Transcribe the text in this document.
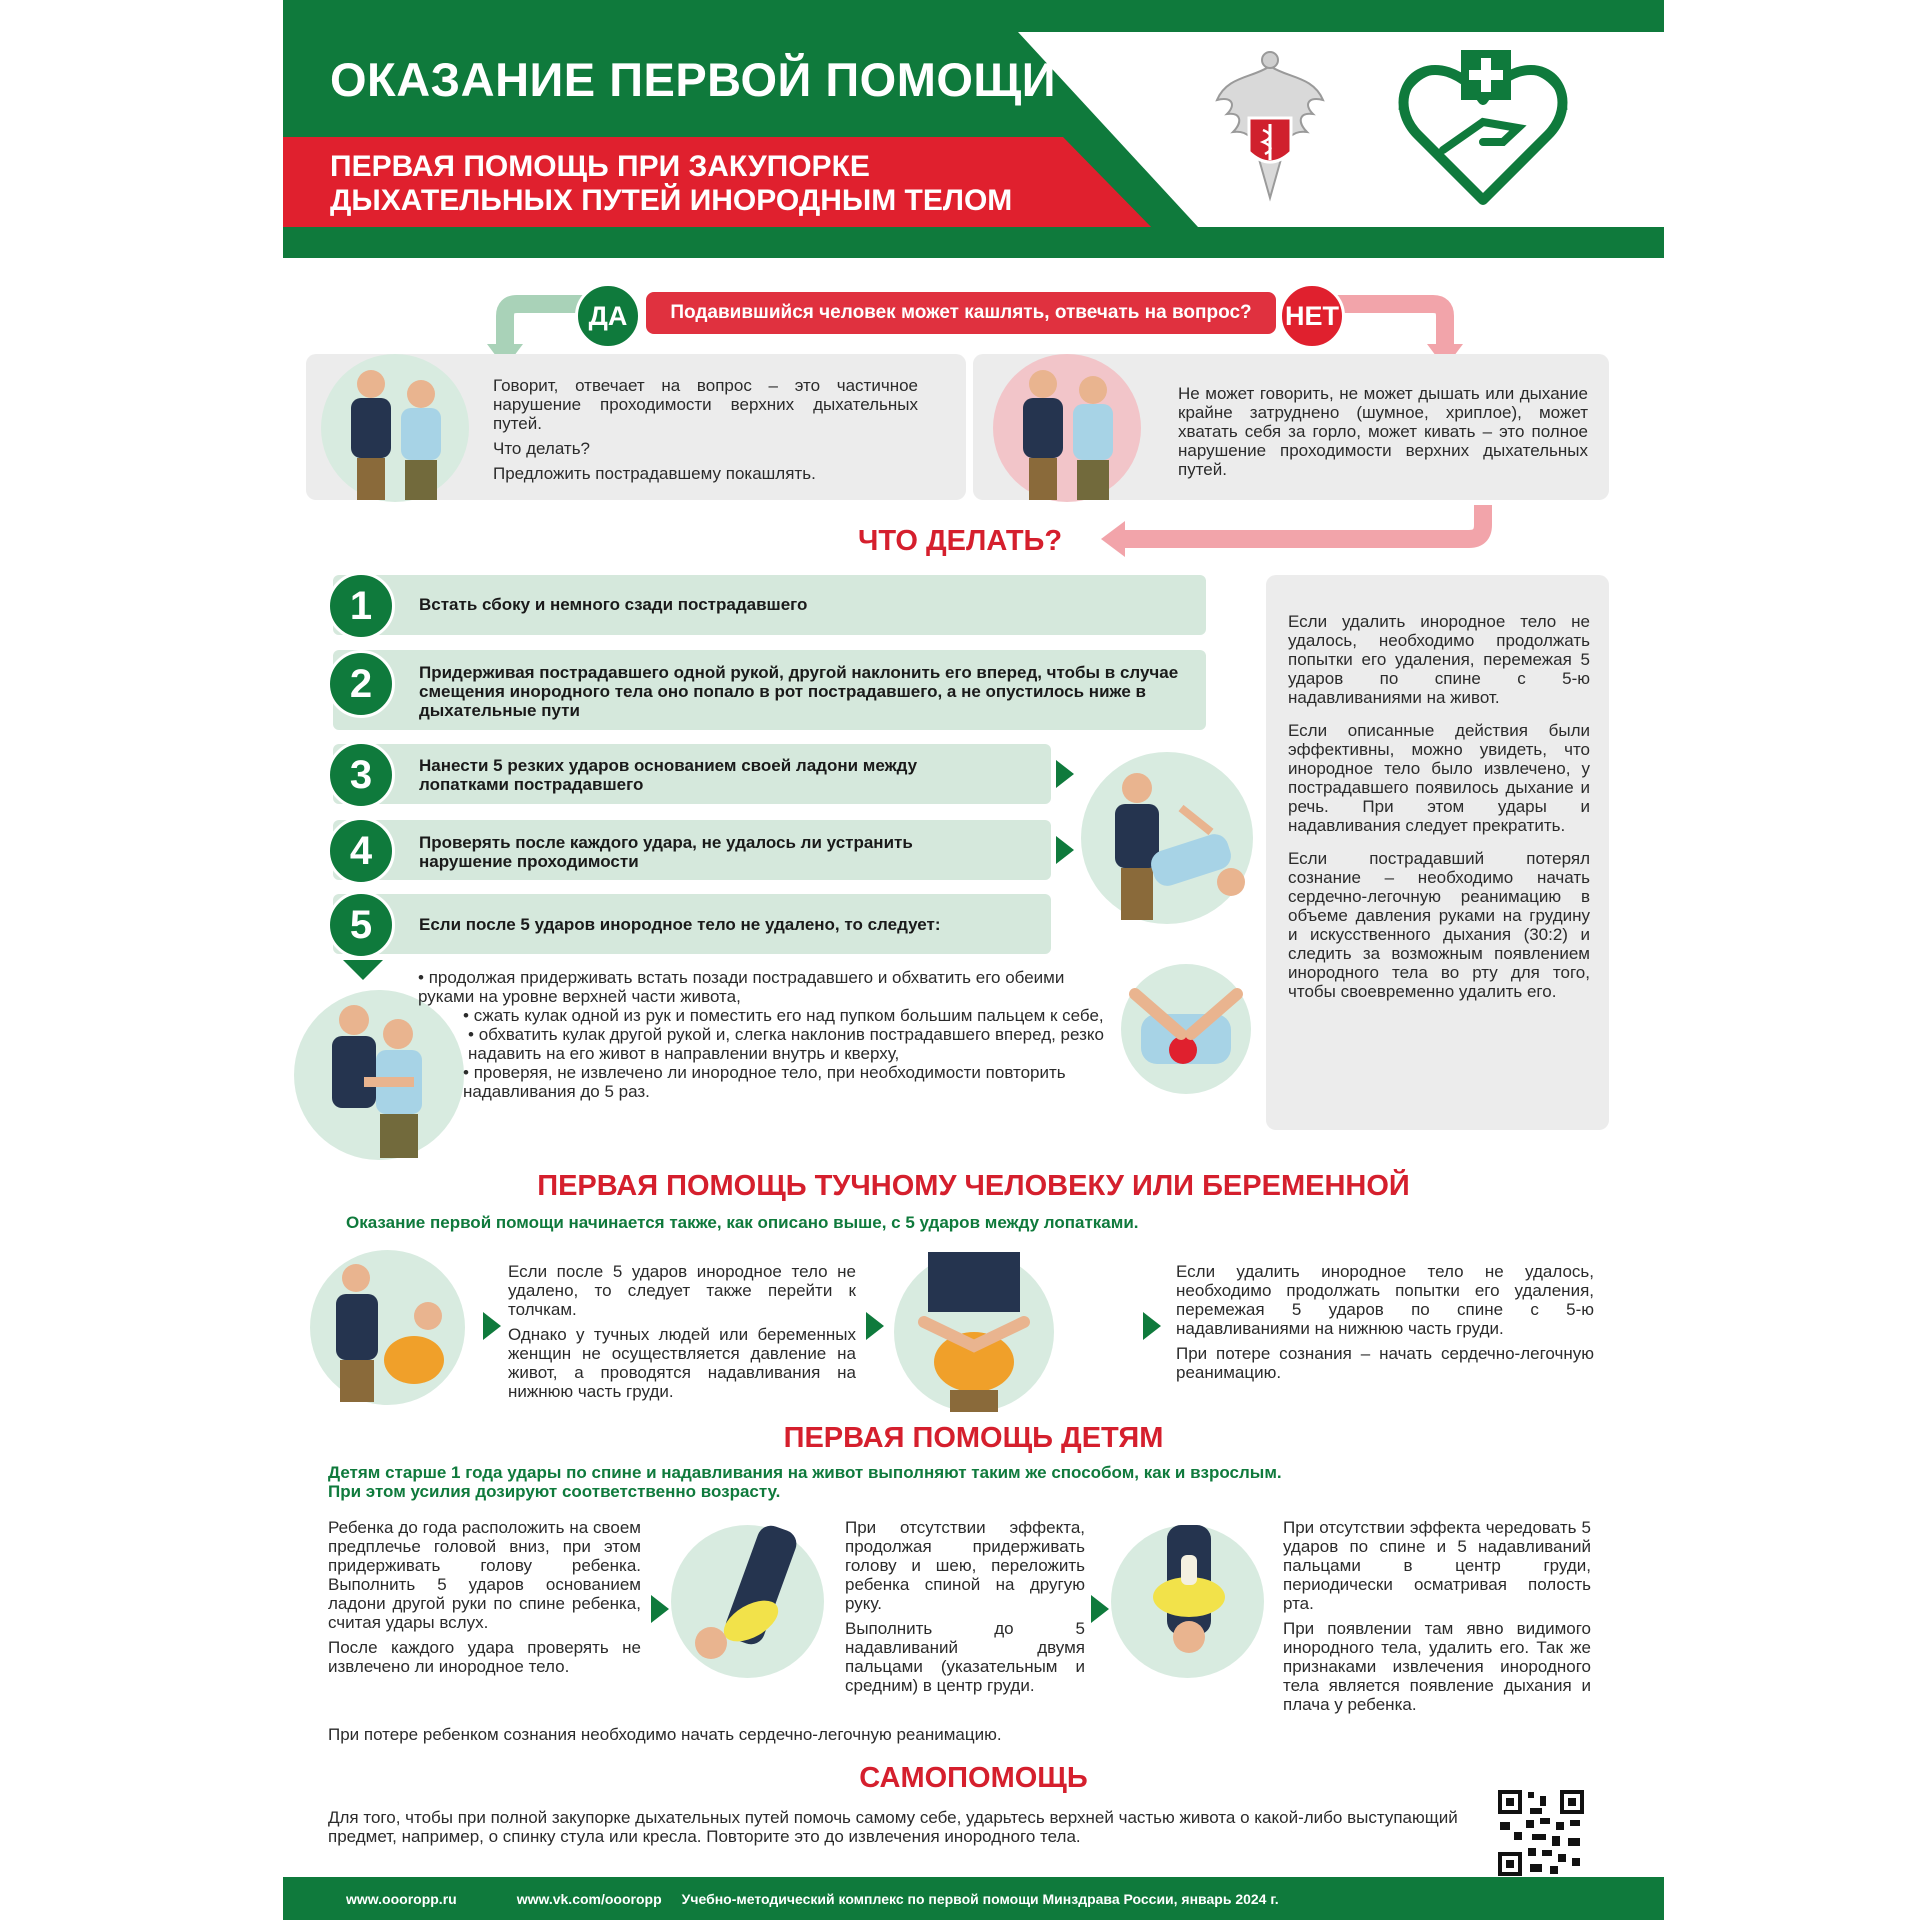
ОКАЗАНИЕ ПЕРВОЙ ПОМОЩИ
ПЕРВАЯ ПОМОЩЬ ПРИ ЗАКУПОРКЕ
ДЫХАТЕЛЬНЫХ ПУТЕЙ ИНОРОДНЫМ ТЕЛОМ
ДА	Подавившийся человек может кашлять, отвечать на вопрос?	НЕТ

Говорит, отвечает на вопрос – это частичное нарушение проходимости верхних дыхательных путей.

Что делать?

Предложить пострадавшему покашлять.

Не может говорить, не может дышать или дыхание крайне затруднено (шумное, хриплое), может хватать себя за горло, может кивать – это полное нарушение проходимости верхних дыхательных путей.
ЧТО ДЕЛАТЬ?
1	Встать сбоку и немного сзади пострадавшего
2	Придерживая пострадавшего одной рукой, другой наклонить его вперед, чтобы в случае смещения инородного тела оно попало в рот пострадавшего, а не опустилось ниже в дыхательные пути
3	Нанести 5 резких ударов основанием своей ладони между лопатками пострадавшего
4	Проверять после каждого удара, не удалось ли устранить нарушение проходимости
5	Если после 5 ударов инородное тело не удалено, то следует:
• продолжая придерживать встать позади пострадавшего и обхватить его обеими руками на уровне верхней части живота,
• сжать кулак одной из рук и поместить его над пупком большим пальцем к себе,
• обхватить кулак другой рукой и, слегка наклонив пострадавшего вперед, резко надавить на его живот в направлении внутрь и кверху,
• проверяя, не извлечено ли инородное тело, при необходимости повторить надавливания до 5 раз.

Если удалить инородное тело не удалось, необходимо продолжать попытки его удаления, перемежая 5 ударов по спине с 5-ю надавливаниями на живот.

Если описанные действия были эффективны, можно увидеть, что инородное тело было извлечено, у пострадавшего появилось дыхание и речь. При этом удары и надавливания следует прекратить.

Если пострадавший потерял сознание – необходимо начать сердечно-легочную реанимацию в объеме давления руками на грудину и искусственного дыхания (30:2) и следить за возможным появлением инородного тела во рту для того, чтобы своевременно удалить его.

ПЕРВАЯ ПОМОЩЬ ТУЧНОМУ ЧЕЛОВЕКУ ИЛИ БЕРЕМЕННОЙ
Оказание первой помощи начинается также, как описано выше, с 5 ударов между лопатками.

Если после 5 ударов инородное тело не удалено, то следует также перейти к толчкам.

Однако у тучных людей или беременных женщин не осуществляется давление на живот, а проводятся надавливания на нижнюю часть груди.

Если удалить инородное тело не удалось, необходимо продолжать попытки его удаления, перемежая 5 ударов по спине с 5-ю надавливаниями на нижнюю часть груди.

При потере сознания – начать сердечно-легочную реанимацию.

ПЕРВАЯ ПОМОЩЬ ДЕТЯМ
Детям старше 1 года удары по спине и надавливания на живот выполняют таким же способом, как и взрослым.
При этом усилия дозируют соответственно возрасту.

Ребенка до года расположить на своем предплечье головой вниз, при этом придерживать голову ребенка. Выполнить 5 ударов основанием ладони другой руки по спине ребенка, считая удары вслух.

После каждого удара проверять не извлечено ли инородное тело.

При отсутствии эффекта, продолжая придерживать голову и шею, переложить ребенка спиной на другую руку.

Выполнить до 5 надавливаний двумя пальцами (указательным и средним) в центр груди.

При отсутствии эффекта чередовать 5 ударов по спине и 5 надавливаний пальцами в центр груди, периодически осматривая полость рта.

При появлении там явно видимого инородного тела, удалить его. Так же признаками извлечения инородного тела является появление дыхания и плача у ребенка.

При потере ребенком сознания необходимо начать сердечно-легочную реанимацию.
САМОПОМОЩЬ
Для того, чтобы при полной закупорке дыхательных путей помочь самому себе, ударьтесь верхней частью живота о какой-либо выступающий предмет, например, о спинку стула или кресла. Повторите это до извлечения инородного тела.
www.oooropp.ru	www.vk.com/oooropp Учебно-методический комплекс по первой помощи Минздрава России, январь 2024 г.
